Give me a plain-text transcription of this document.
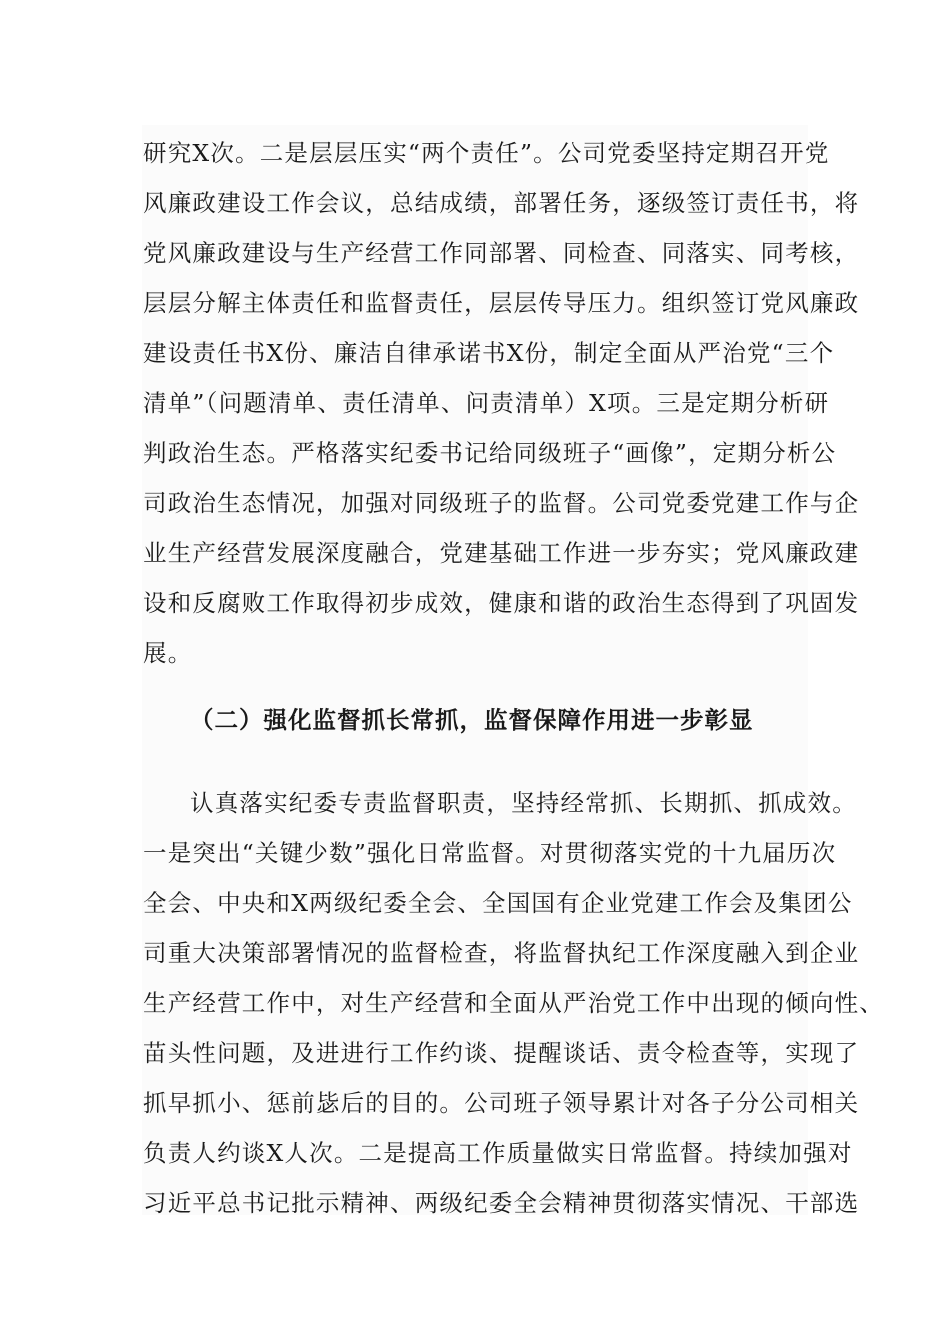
研究X次。二是层层压实“两个责任”。公司党委坚持定期召开党
风廉政建设工作会议，总结成绩，部署任务，逐级签订责任书，将
党风廉政建设与生产经营工作同部署、同检查、同落实、同考核，
层层分解主体责任和监督责任，层层传导压力。组织签订党风廉政
建设责任书X份、廉洁自律承诺书X份，制定全面从严治党“三个
清单”（问题清单、责任清单、问责清单）X项。三是定期分析研
判政治生态。严格落实纪委书记给同级班子“画像”，定期分析公
司政治生态情况，加强对同级班子的监督。公司党委党建工作与企
业生产经营发展深度融合，党建基础工作进一步夯实；党风廉政建
设和反腐败工作取得初步成效，健康和谐的政治生态得到了巩固发
展。
（二）强化监督抓长常抓，监督保障作用进一步彰显
认真落实纪委专责监督职责，坚持经常抓、长期抓、抓成效。
一是突出“关键少数”强化日常监督。对贯彻落实党的十九届历次
全会、中央和X两级纪委全会、全国国有企业党建工作会及集团公
司重大决策部署情况的监督检查，将监督执纪工作深度融入到企业
生产经营工作中，对生产经营和全面从严治党工作中出现的倾向性、
苗头性问题，及进进行工作约谈、提醒谈话、责令检查等，实现了
抓早抓小、惩前毖后的目的。公司班子领导累计对各子分公司相关
负责人约谈X人次。二是提高工作质量做实日常监督。持续加强对
习近平总书记批示精神、两级纪委全会精神贯彻落实情况、干部选
